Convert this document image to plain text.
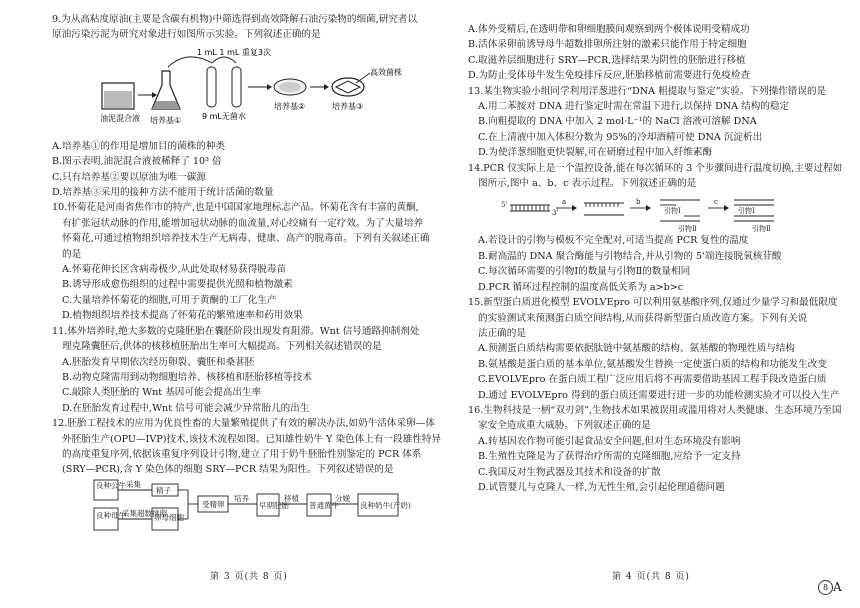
9.为从高粘度原油(主要是含碳有机物)中筛选得到高效降解石油污染物的细菌,研究者以
原油污染污泥为研究对象进行如图所示实验。下列叙述正确的是
油泥混合液 培养基①
1 mL 1 mL 重复3次
9 mL无菌水
培养基②	培养基③
高效菌株
A.培养基①的作用是增加目的菌株的种类
B.图示表明,油泥混合液被稀释了 10³ 倍
C.只有培养基②要以原油为唯一碳源
D.培养基③采用的接种方法不能用于统计活菌的数量
10.怀菊花是河南省焦作市的特产,也是中国国家地理标志产品。怀菊花含有丰富的黄酮,
有扩张冠状动脉的作用,能增加冠状动脉的血流量,对心绞痛有一定疗效。为了大量培养
怀菊花,可通过植物组织培养技术生产无病毒、健康、高产的脱毒苗。下列有关叙述正确
的是
A.怀菊花伸长区含病毒极少,从此处取材易获得脱毒苗
B.诱导形成愈伤组织的过程中需要提供光照和植物激素
C.大量培养怀菊花的细胞,可用于黄酮的工厂化生产
D.植物组织培养技术提高了怀菊花的繁殖速率和药用效果
11.体外培养时,绝大多数的克隆胚胎在囊胚阶段出现发育阻滞。Wnt 信号通路抑制剂处
理克隆囊胚后,供体的核移植胚胎出生率可大幅提高。下列相关叙述错误的是
A.胚胎发育早期依次经历卵裂、囊胚和桑葚胚
B.动物克隆需用到动物细胞培养、核移植和胚胎移植等技术
C.敲除人类胚胎的 Wnt 基因可能会提高出生率
D.在胚胎发育过程中,Wnt 信号可能会减少异常胎儿的出生
12.胚胎工程技术的应用为优良性畜的大量繁殖提供了有效的解决办法,如奶牛活体采卵—体
外胚胎生产(OPU—IVP)技术,该技术流程如图。已知雄性奶牛 Y 染色体上有一段雄性特异
的高度重复序列,依据该重复序列设计引物,建立了用于奶牛胚胎性别鉴定的 PCR 体系
(SRY—PCR),含 Y 染色体的细胞 SRY—PCR 结果为阳性。下列叙述错误的是
良种公牛
良种母牛
采集
采集超数排卵
精子
卵母细胞
受精卵
培养
早期胚胎
移植
普通黄牛
分娩
良种奶牛(产奶)
第 3 页(共 8 页)
A.体外受精后,在透明带和卵细胞膜间观察到两个极体说明受精成功
B.活体采卵前诱导母牛超数排卵所注射的激素只能作用于特定细胞
C.取滋养层细胞进行 SRY—PCR,选择结果为阴性的胚胎进行移植
D.为防止受体母牛发生免疫排斥反应,胚胎移植前需要进行免疫检查
13.某生物实验小组同学利用洋葱进行“DNA 粗提取与鉴定”实验。下列操作错误的是
A.用二苯胺对 DNA 进行鉴定时需在常温下进行,以保持 DNA 结构的稳定
B.向粗提取的 DNA 中加入 2 mol·L⁻¹的 NaCl 溶液可溶解 DNA
C.在上清液中加入体积分数为 95%的冷却酒精可使 DNA 沉淀析出
D.为使洋葱细胞更快裂解,可在研磨过程中加入纤维素酶
14.PCR 仪实际上是一个温控设备,能在每次循环的 3 个步骤间进行温度切换,主要过程如
图所示,图中 a、b、c 表示过程。下列叙述正确的是
5'
3'
a	b	c
引物Ⅰ
引物Ⅱ
引物Ⅰ
引物Ⅱ
A.若设计的引物与模板不完全配对,可适当提高 PCR 复性的温度
B.耐高温的 DNA 聚合酶能与引物结合,并从引物的 5'端连接脱氧核苷酸
C.每次循环需要的引物Ⅰ的数量与引物Ⅱ的数量相同
D.PCR 循环过程控制的温度高低关系为 a>b>c
15.新型蛋白质进化模型 EVOLVEpro 可以利用氨基酸序列,仅通过少量学习和最低限度
的实验测试来预测蛋白质空间结构,从而获得新型蛋白质改造方案。下列有关说
法正确的是
A.预测蛋白质结构需要依据肽链中氨基酸的结构、氨基酸的物理性质与结构
B.氨基酸是蛋白质的基本单位,氨基酸发生替换一定使蛋白质的结构和功能发生改变
C.EVOLVEpro 在蛋白质工程广泛应用后将不再需要借助基因工程手段改造蛋白质
D.通过 EVOLVEpro 得到的蛋白质还需要进行进一步的功能检测实验才可以投入生产
16.生物科技是一柄“双刃剑”,生物技术如果被误用或滥用将对人类健康、生态环境乃至国
家安全造成重大威胁。下列叙述正确的是
A.转基因农作物可能引起食品安全问题,但对生态环境没有影响
B.生殖性克隆是为了获得治疗所需的克隆细胞,应给予一定支持
C.我国反对生物武器及其技术和设备的扩散
D.试管婴儿与克隆人一样,为无性生殖,会引起伦理道德问题
第 4 页(共 8 页)
8 A
